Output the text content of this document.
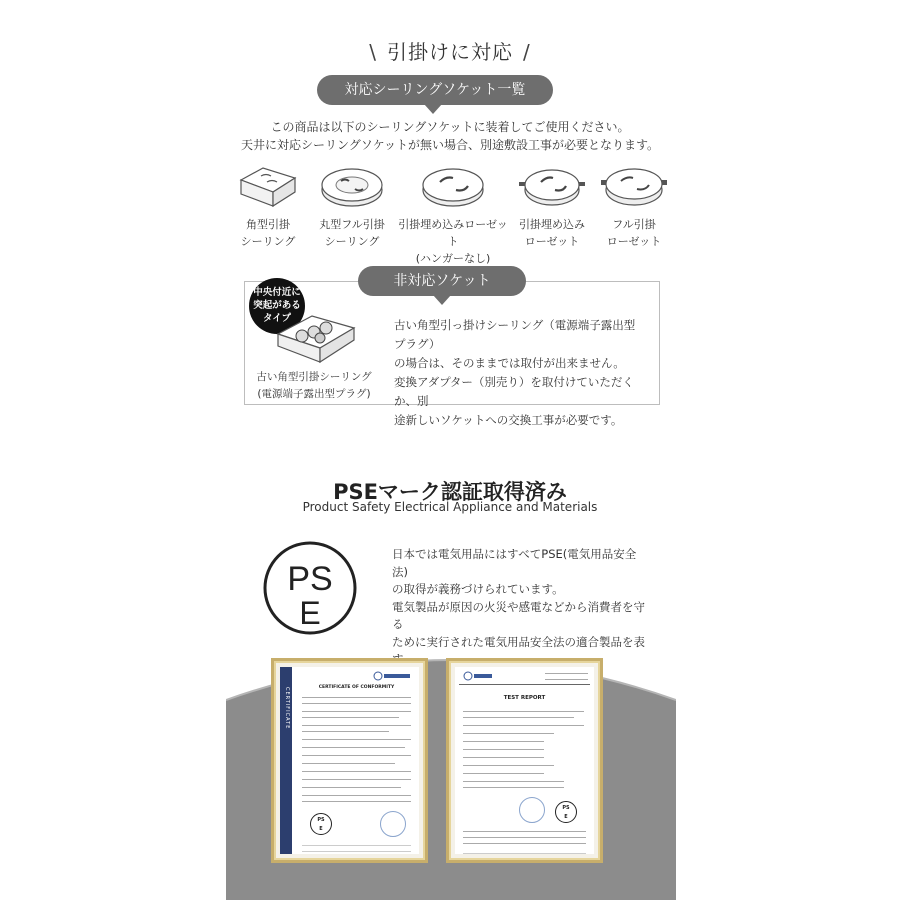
\ 引掛けに対応 /
対応シーリングソケット一覧
この商品は以下のシーリングソケットに装着してご使用ください。
天井に対応シーリングソケットが無い場合、別途敷設工事が必要となります。
角型引掛
シーリング
丸型フル引掛
シーリング
引掛埋め込みローゼット
(ハンガーなし)
引掛埋め込み
ローゼット
フル引掛
ローゼット
非対応ソケット
中央付近に
突起がある
タイプ
古い角型引掛シーリング
(電源端子露出型プラグ)
古い角型引っ掛けシーリング（電源端子露出型プラグ）
の場合は、そのままでは取付が出来ません。
変換アダプター（別売り）を取付けていただくか、別
途新しいソケットへの交換工事が必要です。
PSEマーク認証取得済み
Product Safety Electrical Appliance and Materials
PS
E
日本では電気用品にはすべてPSE(電気用品安全法)
の取得が義務づけられています。
電気製品が原因の火災や感電などから消費者を守る
ために実行された電気用品安全法の適合製品を表
CERTIFICATE	CERTIFICATE OF CONFORMITY
PS
E
TEST REPORT
PS
E
